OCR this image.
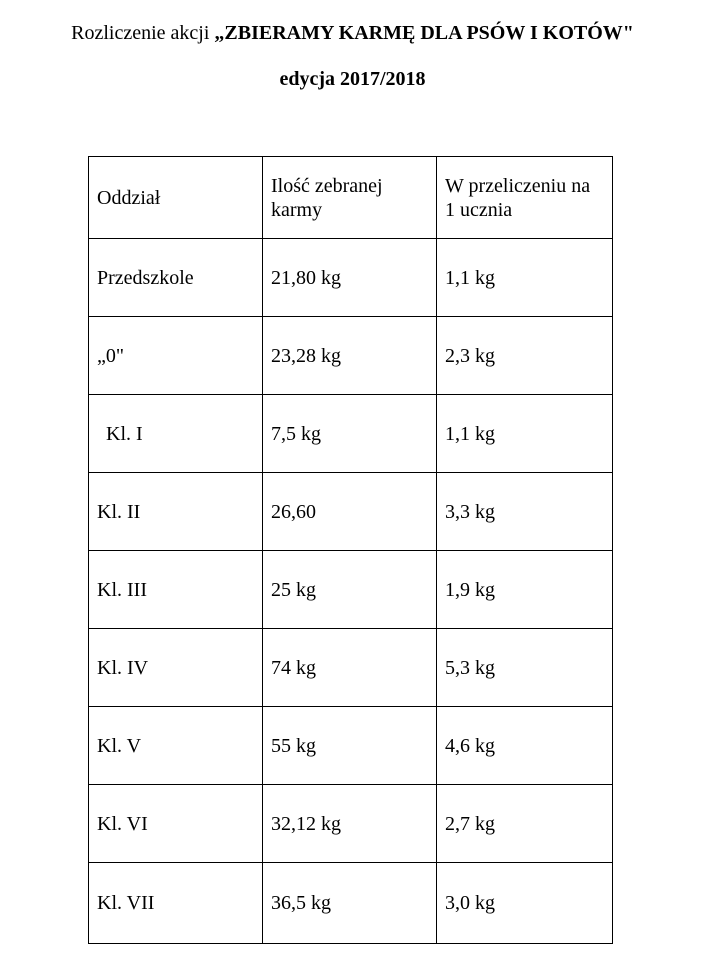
Rozliczenie akcji „ZBIERAMY KARMĘ DLA PSÓW I KOTÓW"
edycja 2017/2018
Oddział	Ilość zebranej karmy	W przeliczeniu na 1 ucznia
Przedszkole	21,80 kg	1,1 kg
„0"	23,28 kg	2,3 kg
Kl. I	7,5 kg	1,1 kg
Kl. II	26,60	3,3 kg
Kl. III	25 kg	1,9 kg
Kl. IV	74 kg	5,3 kg
Kl. V	55 kg	4,6 kg
Kl. VI	32,12 kg	2,7 kg
Kl. VII	36,5 kg	3,0 kg
